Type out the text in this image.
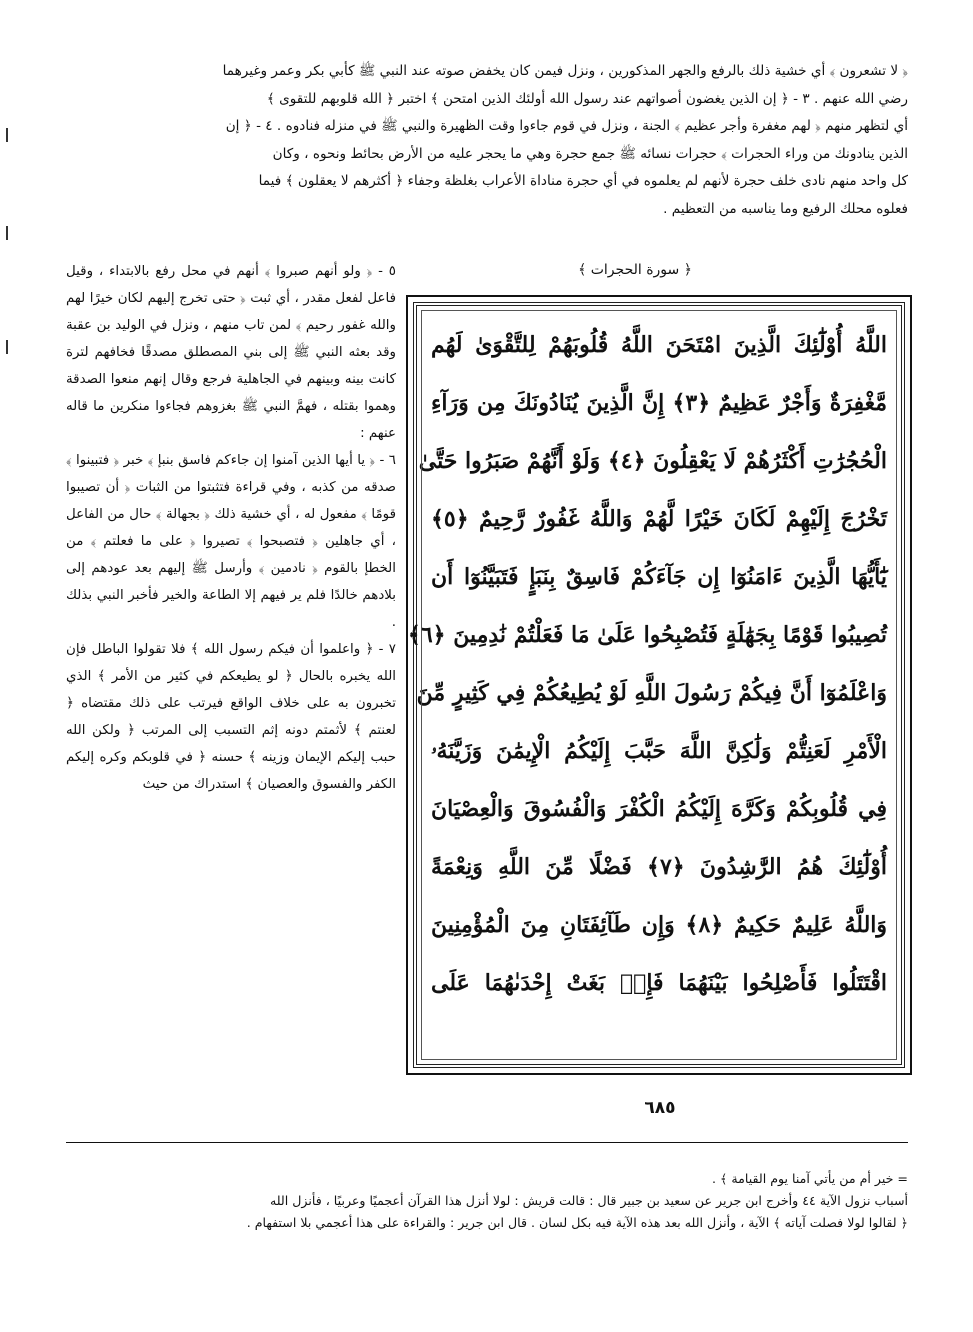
﴿ لا تشعرون ﴾ أي خشية ذلك بالرفع والجهر المذكورين ، ونزل فيمن كان يخفض صوته عند النبي ﷺ كأبي بكر وعمر وغيرهما

رضي الله عنهم . ٣ - ﴿ إن الذين يغضون أصواتهم عند رسول الله أولئك الذين امتحن ﴾ اختبر ﴿ الله قلوبهم للتقوى ﴾

أي لتظهر منهم ﴿ لهم مغفرة وأجر عظيم ﴾ الجنة ، ونزل في قوم جاءوا وقت الظهيرة والنبي ﷺ في منزله فنادوه . ٤ - ﴿ إن

الذين ينادونك من وراء الحجرات ﴾ حجرات نسائه ﷺ جمع حجرة وهي ما يحجر عليه من الأرض بحائط ونحوه ، وكان

كل واحد منهم نادى خلف حجرة لأنهم لم يعلموه في أي حجرة مناداة الأعراب بغلظة وجفاء ﴿ أكثرهم لا يعقلون ﴾ فيما

فعلوه محلك الرفيع وما يناسبه من التعظيم .

﴿ سورة الحجرات ﴾
اللَّهُ أُوْلَٰٓئِكَ الَّذِينَ امْتَحَنَ اللَّهُ قُلُوبَهُمْ لِلتَّقْوَىٰ لَهُم
مَّغْفِرَةٌ وَأَجْرٌ عَظِيمٌ ﴿٣﴾ إِنَّ الَّذِينَ يُنَادُونَكَ مِن وَرَآءِ
الْحُجُرَٰتِ أَكْثَرُهُمْ لَا يَعْقِلُونَ ﴿٤﴾ وَلَوْ أَنَّهُمْ صَبَرُوا حَتَّىٰ
تَخْرُجَ إِلَيْهِمْ لَكَانَ خَيْرًا لَّهُمْ وَاللَّهُ غَفُورٌ رَّحِيمٌ ﴿٥﴾
يَٰٓأَيُّهَا الَّذِينَ ءَامَنُوٓا إِن جَآءَكُمْ فَاسِقٌ بِنَبَإٍ فَتَبَيَّنُوٓا أَن
تُصِيبُوا قَوْمًا بِجَهَٰلَةٍ فَتُصْبِحُوا عَلَىٰ مَا فَعَلْتُمْ نَٰدِمِينَ ﴿٦﴾
وَاعْلَمُوٓا أَنَّ فِيكُمْ رَسُولَ اللَّهِ لَوْ يُطِيعُكُمْ فِي كَثِيرٍ مِّنَ
الْأَمْرِ لَعَنِتُّمْ وَلَٰكِنَّ اللَّهَ حَبَّبَ إِلَيْكُمُ الْإِيمَٰنَ وَزَيَّنَهُۥ
فِي قُلُوبِكُمْ وَكَرَّهَ إِلَيْكُمُ الْكُفْرَ وَالْفُسُوقَ وَالْعِصْيَانَ
أُوْلَٰٓئِكَ هُمُ الرَّٰشِدُونَ ﴿٧﴾ فَضْلًا مِّنَ اللَّهِ وَنِعْمَةً
وَاللَّهُ عَلِيمٌ حَكِيمٌ ﴿٨﴾ وَإِن طَآئِفَتَانِ مِنَ الْمُؤْمِنِينَ
اقْتَتَلُوا فَأَصْلِحُوا بَيْنَهُمَا فَإِنۢ بَغَتْ إِحْدَىٰهُمَا عَلَى

٥ - ﴿ ولو أنهم صبروا ﴾ أنهم في محل رفع بالابتداء ، وقيل فاعل لفعل مقدر ، أي ثبت ﴿ حتى تخرج إليهم لكان خيرًا لهم والله غفور رحيم ﴾ لمن تاب منهم ، ونزل في الوليد بن عقبة وقد بعثه النبي ﷺ إلى بني المصطلق مصدقًا فخافهم لترة كانت بينه وبينهم في الجاهلية فرجع وقال إنهم منعوا الصدقة وهموا بقتله ، فهمَّ النبي ﷺ بغزوهم فجاءوا منكرين ما قاله عنهم :

٦ - ﴿ يا أيها الذين آمنوا إن جاءكم فاسق بنبإ ﴾ خبر ﴿ فتبينوا ﴾ صدقه من كذبه ، وفي قراءة فتثبتوا من الثبات ﴿ أن تصيبوا قومًا ﴾ مفعول له ، أي خشية ذلك ﴿ بجهالة ﴾ حال من الفاعل ، أي جاهلين ﴿ فتصبحوا ﴾ تصيروا ﴿ على ما فعلتم ﴾ من الخطإ بالقوم ﴿ نادمين ﴾ وأرسل ﷺ إليهم بعد عودهم إلى بلادهم خالدًا فلم ير فيهم إلا الطاعة والخير فأخبر النبي بذلك .

٧ - ﴿ واعلموا أن فيكم رسول الله ﴾ فلا تقولوا الباطل فإن الله يخبره بالحال ﴿ لو يطيعكم في كثير من الأمر ﴾ الذي تخبرون به على خلاف الواقع فيرتب على ذلك مقتضاه ﴿ لعنتم ﴾ لأثمتم دونه إثم التسبب إلى المرتب ﴿ ولكن الله حبب إليكم الإيمان وزينه ﴾ حسنه ﴿ في قلوبكم وكره إليكم الكفر والفسوق والعصيان ﴾ استدراك من حيث

٦٨٥

= خير أم من يأتي آمنا يوم القيامة ﴾ .

أسباب نزول الآية ٤٤ وأخرج ابن جرير عن سعيد بن جبير قال : قالت قريش : لولا أنزل هذا القرآن أعجميًا وعربيًا ، فأنزل الله

﴿ لقالوا لولا فصلت آياته ﴾ الآية ، وأنزل الله بعد هذه الآية فيه بكل لسان . قال ابن جرير : والقراءة على هذا أعجمي بلا استفهام .
